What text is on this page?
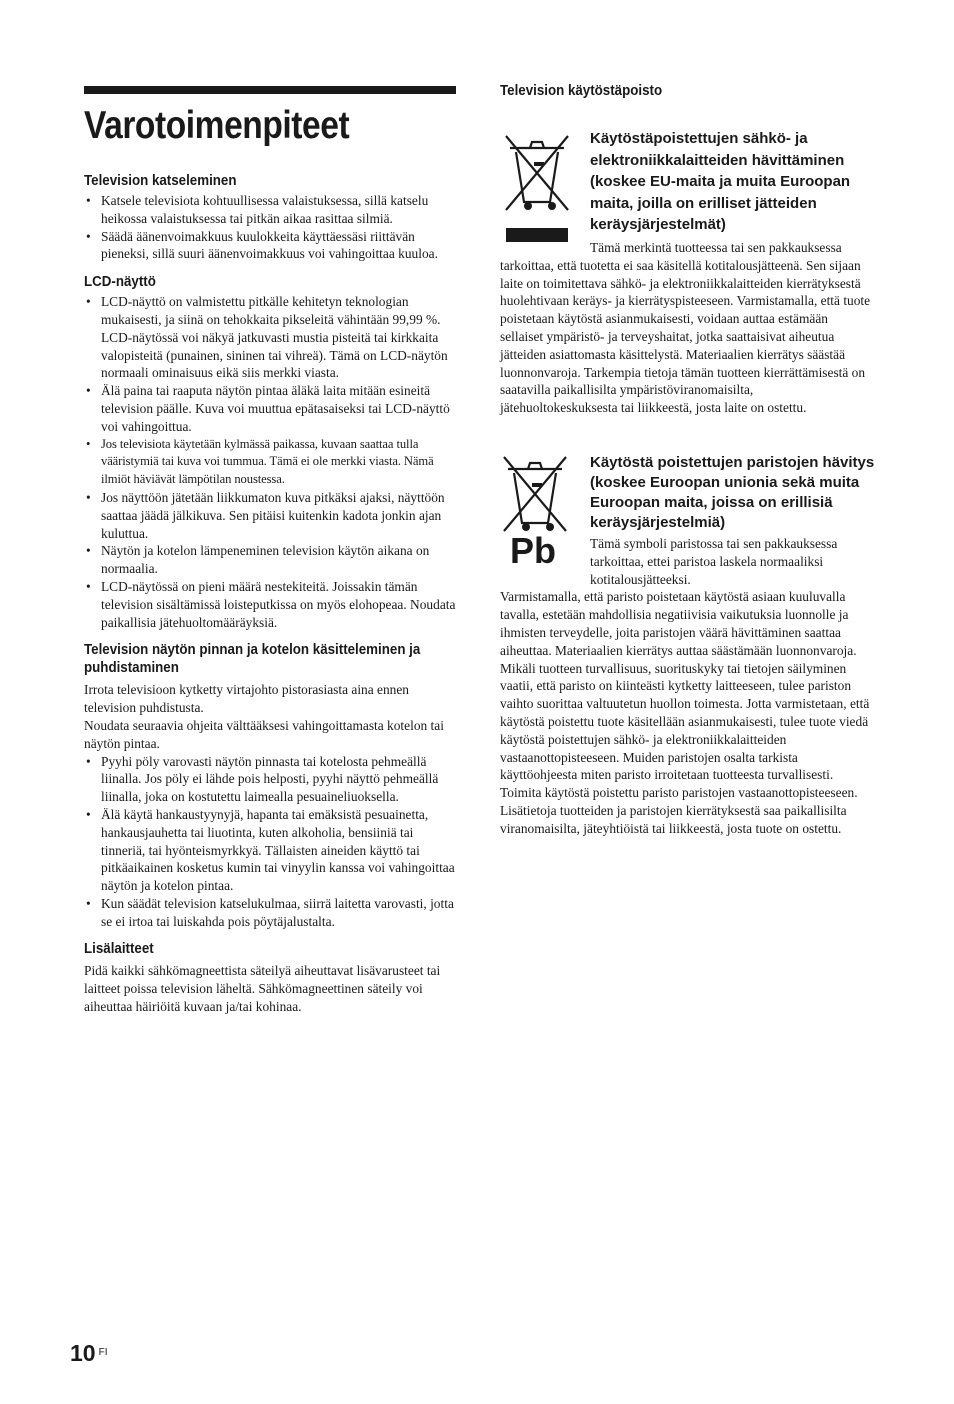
Varotoimenpiteet
Television katseleminen
• Katsele televisiota kohtuullisessa valaistuksessa, sillä katselu heikossa valaistuksessa tai pitkän aikaa rasittaa silmiä.
• Säädä äänenvoimakkuus kuulokkeita käyttäessäsi riittävän pieneksi, sillä suuri äänenvoimakkuus voi vahingoittaa kuuloa.
LCD-näyttö
• LCD-näyttö on valmistettu pitkälle kehitetyn teknologian mukaisesti, ja siinä on tehokkaita pikseleitä vähintään 99,99 %. LCD-näytössä voi näkyä jatkuvasti mustia pisteitä tai kirkkaita valopisteitä (punainen, sininen tai vihreä). Tämä on LCD-näytön normaali ominaisuus eikä siis merkki viasta.
• Älä paina tai raaputa näytön pintaa äläkä laita mitään esineitä television päälle. Kuva voi muuttua epätasaiseksi tai LCD-näyttö voi vahingoittua.
• Jos televisiota käytetään kylmässä paikassa, kuvaan saattaa tulla vääristymiä tai kuva voi tummua. Tämä ei ole merkki viasta. Nämä ilmiöt häviävät lämpötilan noustessa.
• Jos näyttöön jätetään liikkumaton kuva pitkäksi ajaksi, näyttöön saattaa jäädä jälkikuva. Sen pitäisi kuitenkin kadota jonkin ajan kuluttua.
• Näytön ja kotelon lämpeneminen television käytön aikana on normaalia.
• LCD-näytössä on pieni määrä nestekiteitä. Joissakin tämän television sisältämissä loisteputkissa on myös elohopeaa. Noudata paikallisia jätehuoltomääräyksiä.
Television näytön pinnan ja kotelon käsitteleminen ja puhdistaminen

Irrota televisioon kytketty virtajohto pistorasiasta aina ennen television puhdistusta.

Noudata seuraavia ohjeita välttääksesi vahingoittamasta kotelon tai näytön pintaa.

• Pyyhi pöly varovasti näytön pinnasta tai kotelosta pehmeällä liinalla. Jos pöly ei lähde pois helposti, pyyhi näyttö pehmeällä liinalla, joka on kostutettu laimealla pesuaineliuoksella.
• Älä käytä hankaustyynyjä, hapanta tai emäksistä pesuainetta, hankausjauhetta tai liuotinta, kuten alkoholia, bensiiniä tai tinneriä, tai hyönteismyrkkyä. Tällaisten aineiden käyttö tai pitkäaikainen kosketus kumin tai vinyylin kanssa voi vahingoittaa näytön ja kotelon pintaa.
• Kun säädät television katselukulmaa, siirrä laitetta varovasti, jotta se ei irtoa tai luiskahda pois pöytäjalustalta.
Lisälaitteet

Pidä kaikki sähkömagneettista säteilyä aiheuttavat lisävarusteet tai laitteet poissa television läheltä. Sähkömagneettinen säteily voi aiheuttaa häiriöitä kuvaan ja/tai kohinaa.

Television käytöstäpoisto
Käytöstäpoistettujen sähkö- ja elektroniikkalaitteiden hävittäminen (koskee EU-maita ja muita Euroopan maita, joilla on erilliset jätteiden keräysjärjestelmät)

Tämä merkintä tuotteessa tai sen pakkauksessa tarkoittaa, että tuotetta ei saa käsitellä kotitalousjätteenä. Sen sijaan laite on toimitettava sähkö- ja elektroniikkalaitteiden kierrätyksestä huolehtivaan keräys- ja kierrätyspisteeseen. Varmistamalla, että tuote poistetaan käytöstä asianmukaisesti, voidaan auttaa estämään sellaiset ympäristö- ja terveyshaitat, jotka saattaisivat aiheutua jätteiden asiattomasta käsittelystä. Materiaalien kierrätys säästää luonnonvaroja. Tarkempia tietoja tämän tuotteen kierrättämisestä on saatavilla paikallisilta ympäristöviranomaisilta, jätehuoltokeskuksesta tai liikkeestä, josta laite on ostettu.

Pb
Käytöstä poistettujen paristojen hävitys (koskee Euroopan unionia sekä muita Euroopan maita, joissa on erillisiä keräysjärjestelmiä)

Tämä symboli paristossa tai sen pakkauksessa tarkoittaa, ettei paristoa laskela normaaliksi kotitalousjätteeksi.

Varmistamalla, että paristo poistetaan käytöstä asiaan kuuluvalla tavalla, estetään mahdollisia negatiivisia vaikutuksia luonnolle ja ihmisten terveydelle, joita paristojen väärä hävittäminen saattaa aiheuttaa. Materiaalien kierrätys auttaa säästämään luonnonvaroja. Mikäli tuotteen turvallisuus, suorituskyky tai tietojen säilyminen vaatii, että paristo on kiinteästi kytketty laitteeseen, tulee pariston vaihto suorittaa valtuutetun huollon toimesta. Jotta varmistetaan, että käytöstä poistettu tuote käsitellään asianmukaisesti, tulee tuote viedä käytöstä poistettujen sähkö- ja elektroniikkalaitteiden vastaanottopisteeseen. Muiden paristojen osalta tarkista käyttöohjeesta miten paristo irroitetaan tuotteesta turvallisesti. Toimita käytöstä poistettu paristo paristojen vastaanottopisteeseen. Lisätietoja tuotteiden ja paristojen kierrätyksestä saa paikallisilta viranomaisilta, jäteyhtiöistä tai liikkeestä, josta tuote on ostettu.

10 $^{FI}$
